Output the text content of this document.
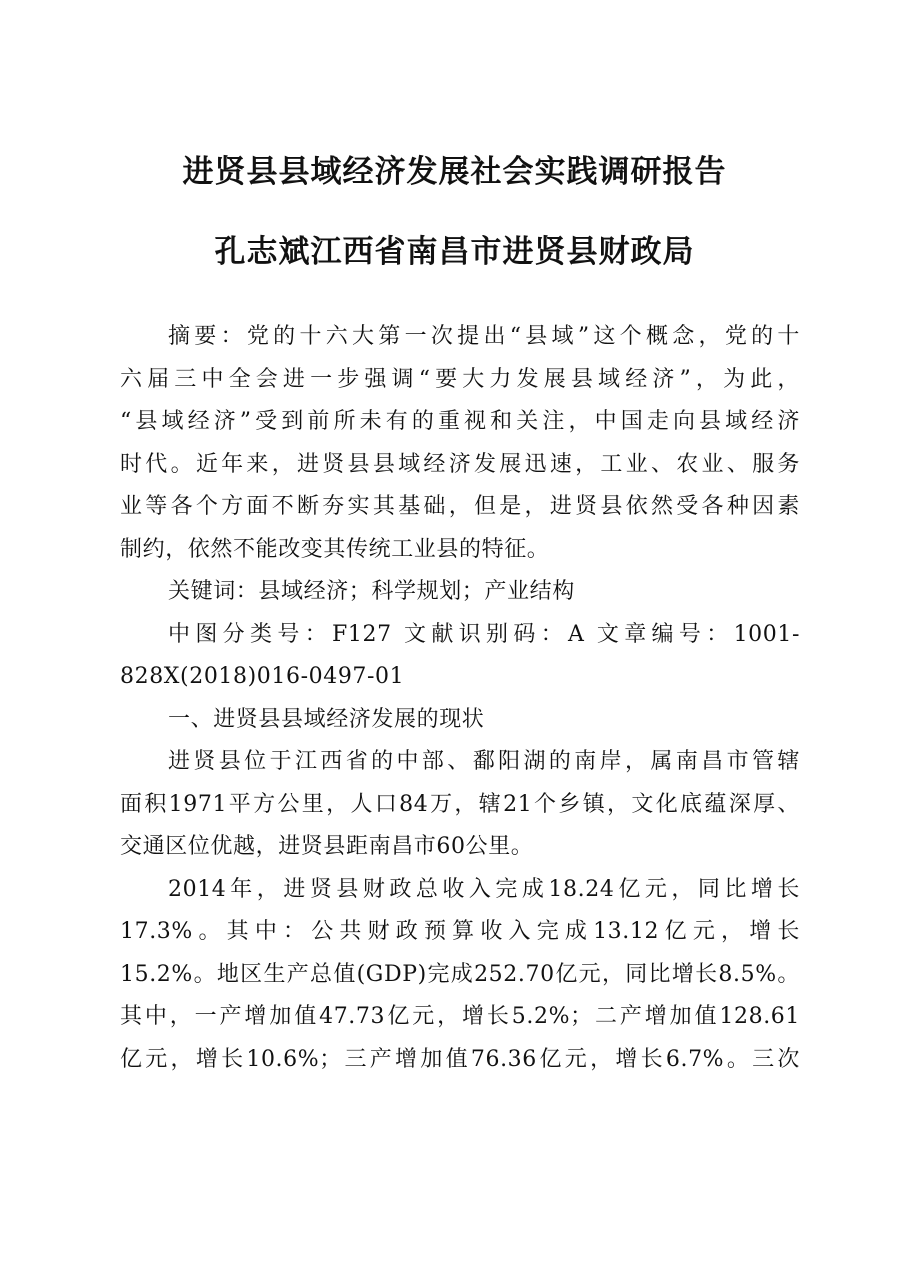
进贤县县域经济发展社会实践调研报告
孔志斌江西省南昌市进贤县财政局
摘要：党的十六大第一次提出“县域”这个概念，党的十
六届三中全会进一步强调“要大力发展县域经济”，为此，
“县域经济”受到前所未有的重视和关注，中国走向县域经济
时代。近年来，进贤县县域经济发展迅速，工业、农业、服务
业等各个方面不断夯实其基础，但是，进贤县依然受各种因素
制约，依然不能改变其传统工业县的特征。
关键词：县域经济；科学规划；产业结构
中图分类号：F127 文献识别码：A 文章编号：1001-
828X(2018)016-0497-01
一、进贤县县域经济发展的现状
进贤县位于江西省的中部、鄱阳湖的南岸，属南昌市管辖
面积1971平方公里，人口84万，辖21个乡镇，文化底蕴深厚、
交通区位优越，进贤县距南昌市60公里。
2014年，进贤县财政总收入完成18.24亿元，同比增长
17.3%。其中：公共财政预算收入完成13.12亿元，增长
15.2%。地区生产总值(GDP)完成252.70亿元，同比增长8.5%。
其中，一产增加值47.73亿元，增长5.2%；二产增加值128.61
亿元，增长10.6%；三产增加值76.36亿元，增长6.7%。三次
